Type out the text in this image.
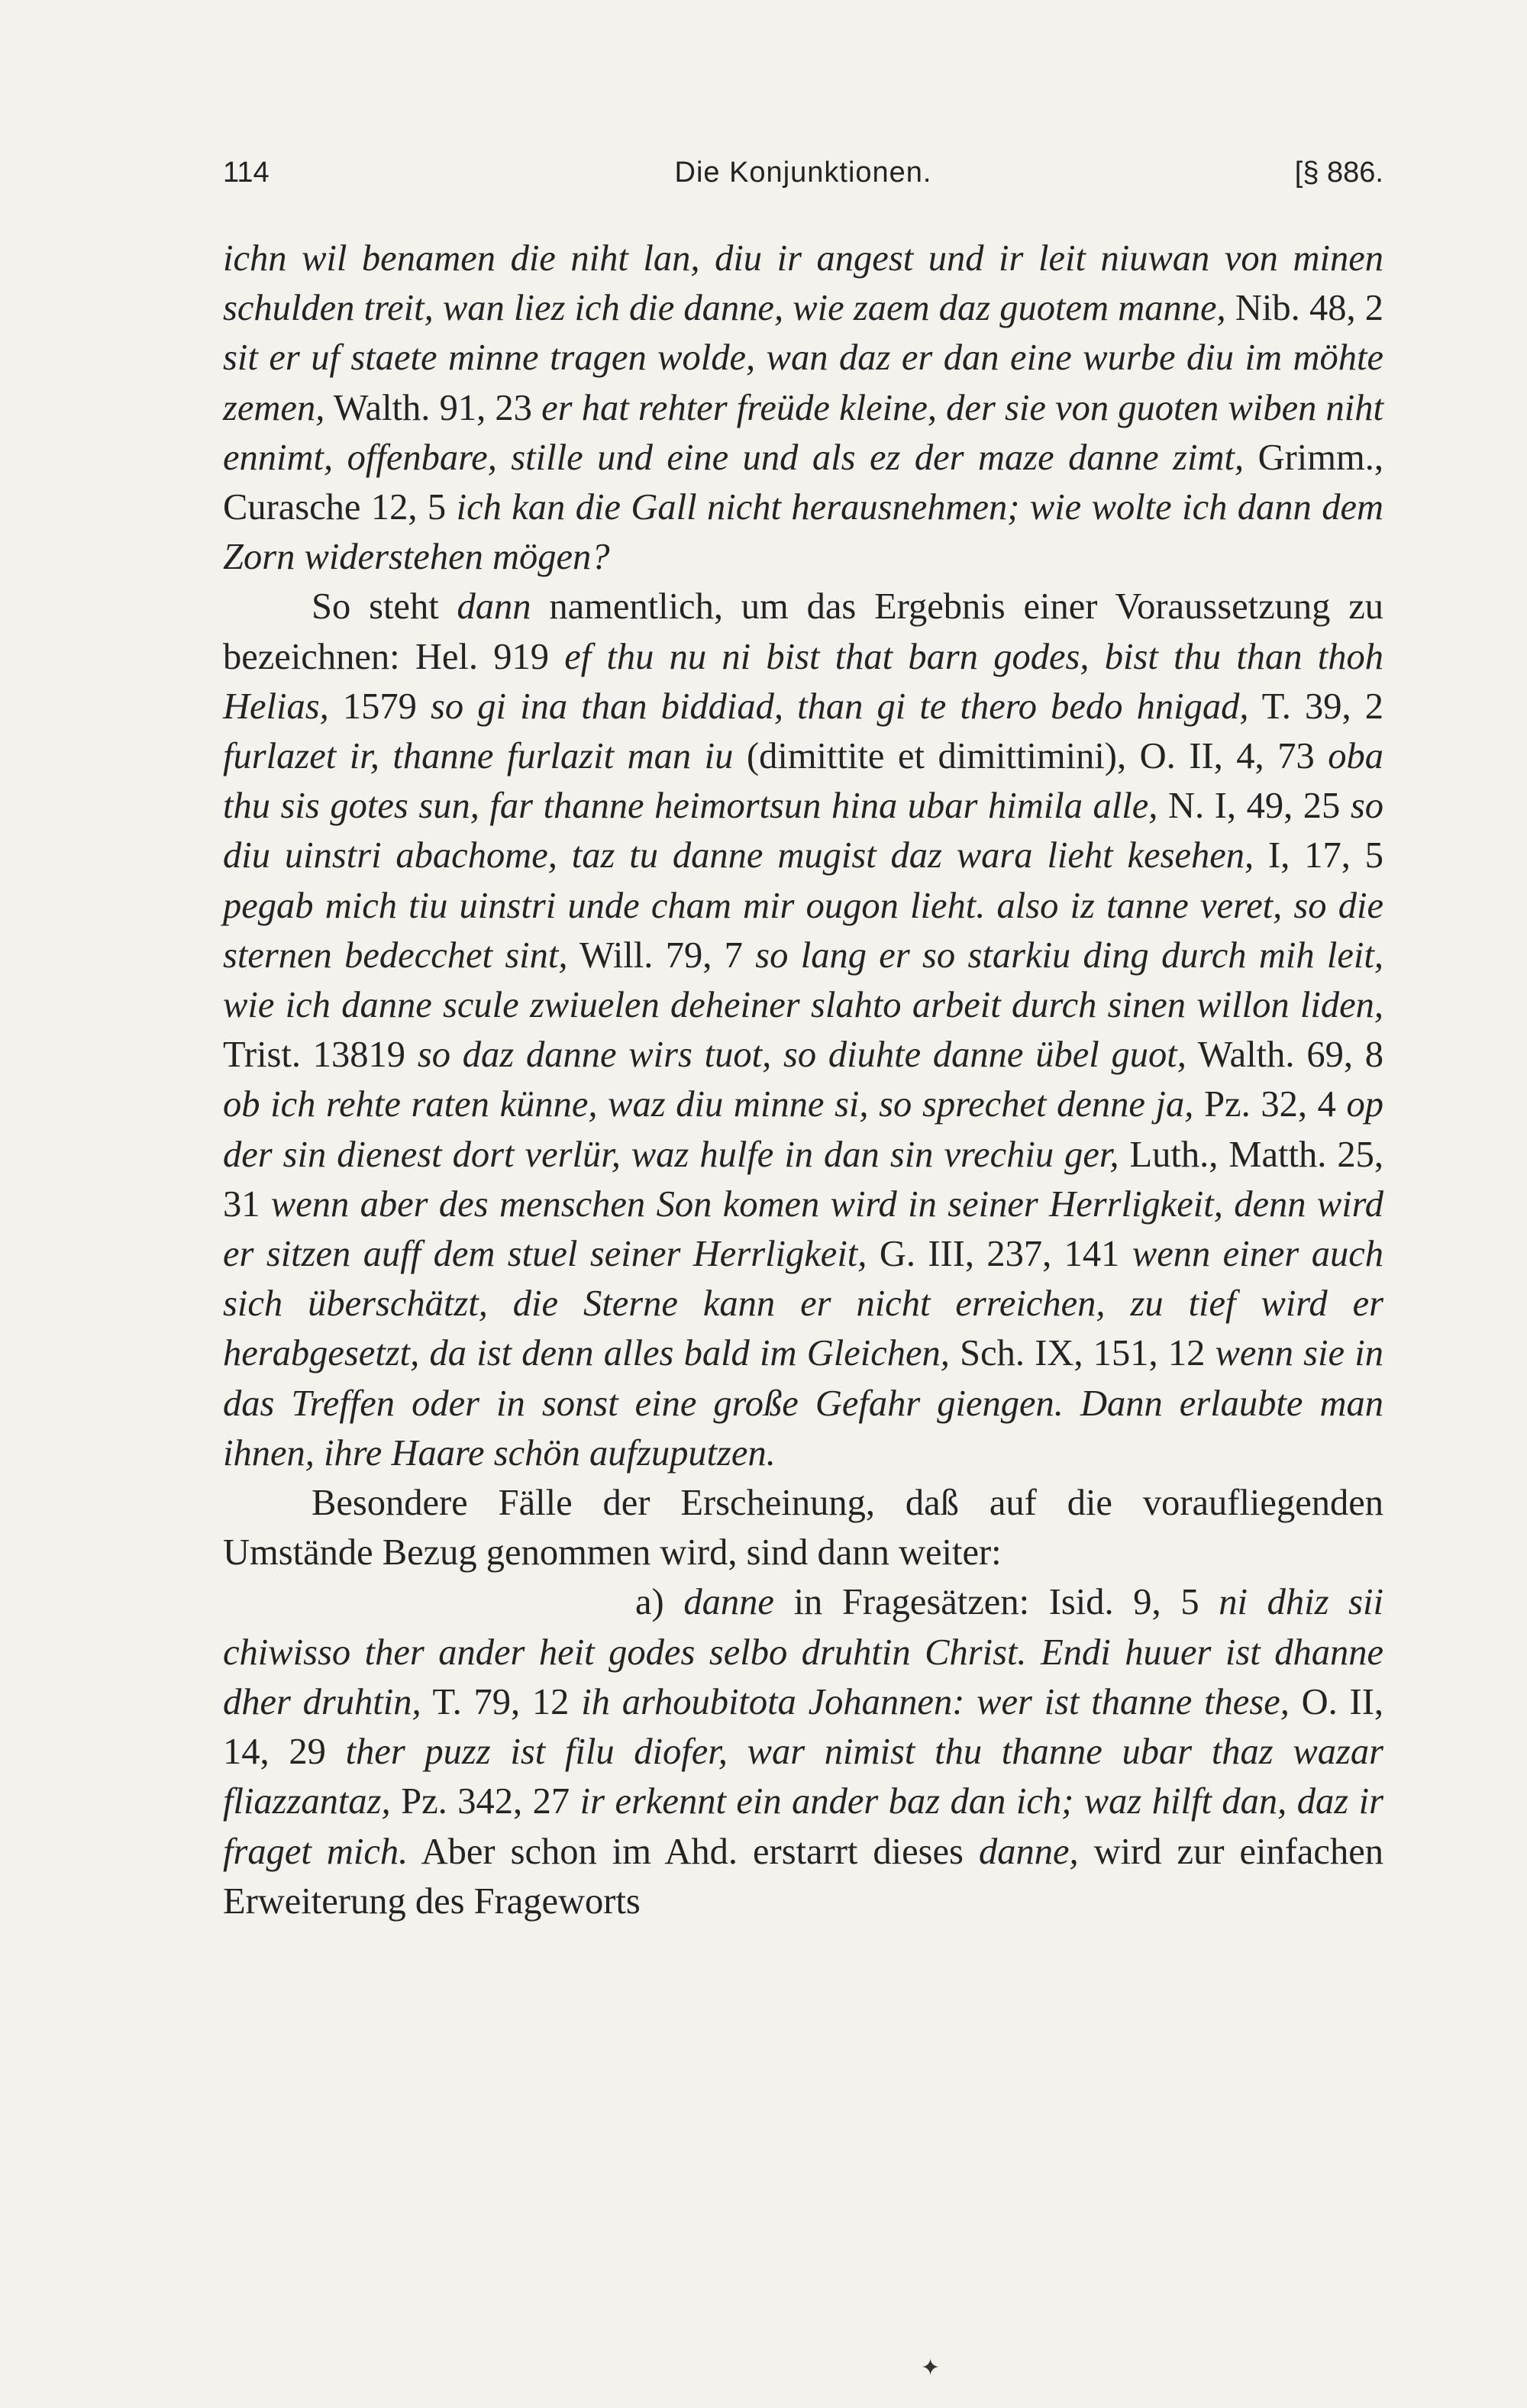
114	Die Konjunktionen.	[§ 886.

ichn wil benamen die niht lan, diu ir angest und ir leit niuwan von minen schulden treit, wan liez ich die danne, wie zaem daz guotem manne, Nib. 48, 2 sit er uf staete minne tragen wolde, wan daz er dan eine wurbe diu im möhte zemen, Walth. 91, 23 er hat rehter freüde kleine, der sie von guoten wiben niht ennimt, offenbare, stille und eine und als ez der maze danne zimt, Grimm., Curasche 12, 5 ich kan die Gall nicht herausnehmen; wie wolte ich dann dem Zorn widerstehen mögen?

So steht dann namentlich, um das Ergebnis einer Voraussetzung zu bezeichnen: Hel. 919 ef thu nu ni bist that barn godes, bist thu than thoh Helias, 1579 so gi ina than biddiad, than gi te thero bedo hnigad, T. 39, 2 furlazet ir, thanne furlazit man iu (dimittite et dimittimini), O. II, 4, 73 oba thu sis gotes sun, far thanne heimortsun hina ubar himila alle, N. I, 49, 25 so diu uinstri abachome, taz tu danne mugist daz wara lieht kesehen, I, 17, 5 pegab mich tiu uinstri unde cham mir ougon lieht. also iz tanne veret, so die sternen bedecchet sint, Will. 79, 7 so lang er so starkiu ding durch mih leit, wie ich danne scule zwiuelen deheiner slahto arbeit durch sinen willon liden, Trist. 13819 so daz danne wirs tuot, so diuhte danne übel guot, Walth. 69, 8 ob ich rehte raten künne, waz diu minne si, so sprechet denne ja, Pz. 32, 4 op der sin dienest dort verlür, waz hulfe in dan sin vrechiu ger, Luth., Matth. 25, 31 wenn aber des menschen Son komen wird in seiner Herrligkeit, denn wird er sitzen auff dem stuel seiner Herrligkeit, G. III, 237, 141 wenn einer auch sich überschätzt, die Sterne kann er nicht erreichen, zu tief wird er herabgesetzt, da ist denn alles bald im Gleichen, Sch. IX, 151, 12 wenn sie in das Treffen oder in sonst eine große Gefahr giengen. Dann erlaubte man ihnen, ihre Haare schön aufzuputzen.

Besondere Fälle der Erscheinung, daß auf die voraufliegenden Umstände Bezug genommen wird, sind dann weiter:

a) danne in Fragesätzen: Isid. 9, 5 ni dhiz sii chiwisso ther ander heit godes selbo druhtin Christ. Endi huuer ist dhanne dher druhtin, T. 79, 12 ih arhoubitota Johannen: wer ist thanne these, O. II, 14, 29 ther puzz ist filu diofer, war nimist thu thanne ubar thaz wazar fliazzantaz, Pz. 342, 27 ir erkennt ein ander baz dan ich; waz hilft dan, daz ir fraget mich. Aber schon im Ahd. erstarrt dieses danne, wird zur einfachen Erweiterung des Frageworts

✦
